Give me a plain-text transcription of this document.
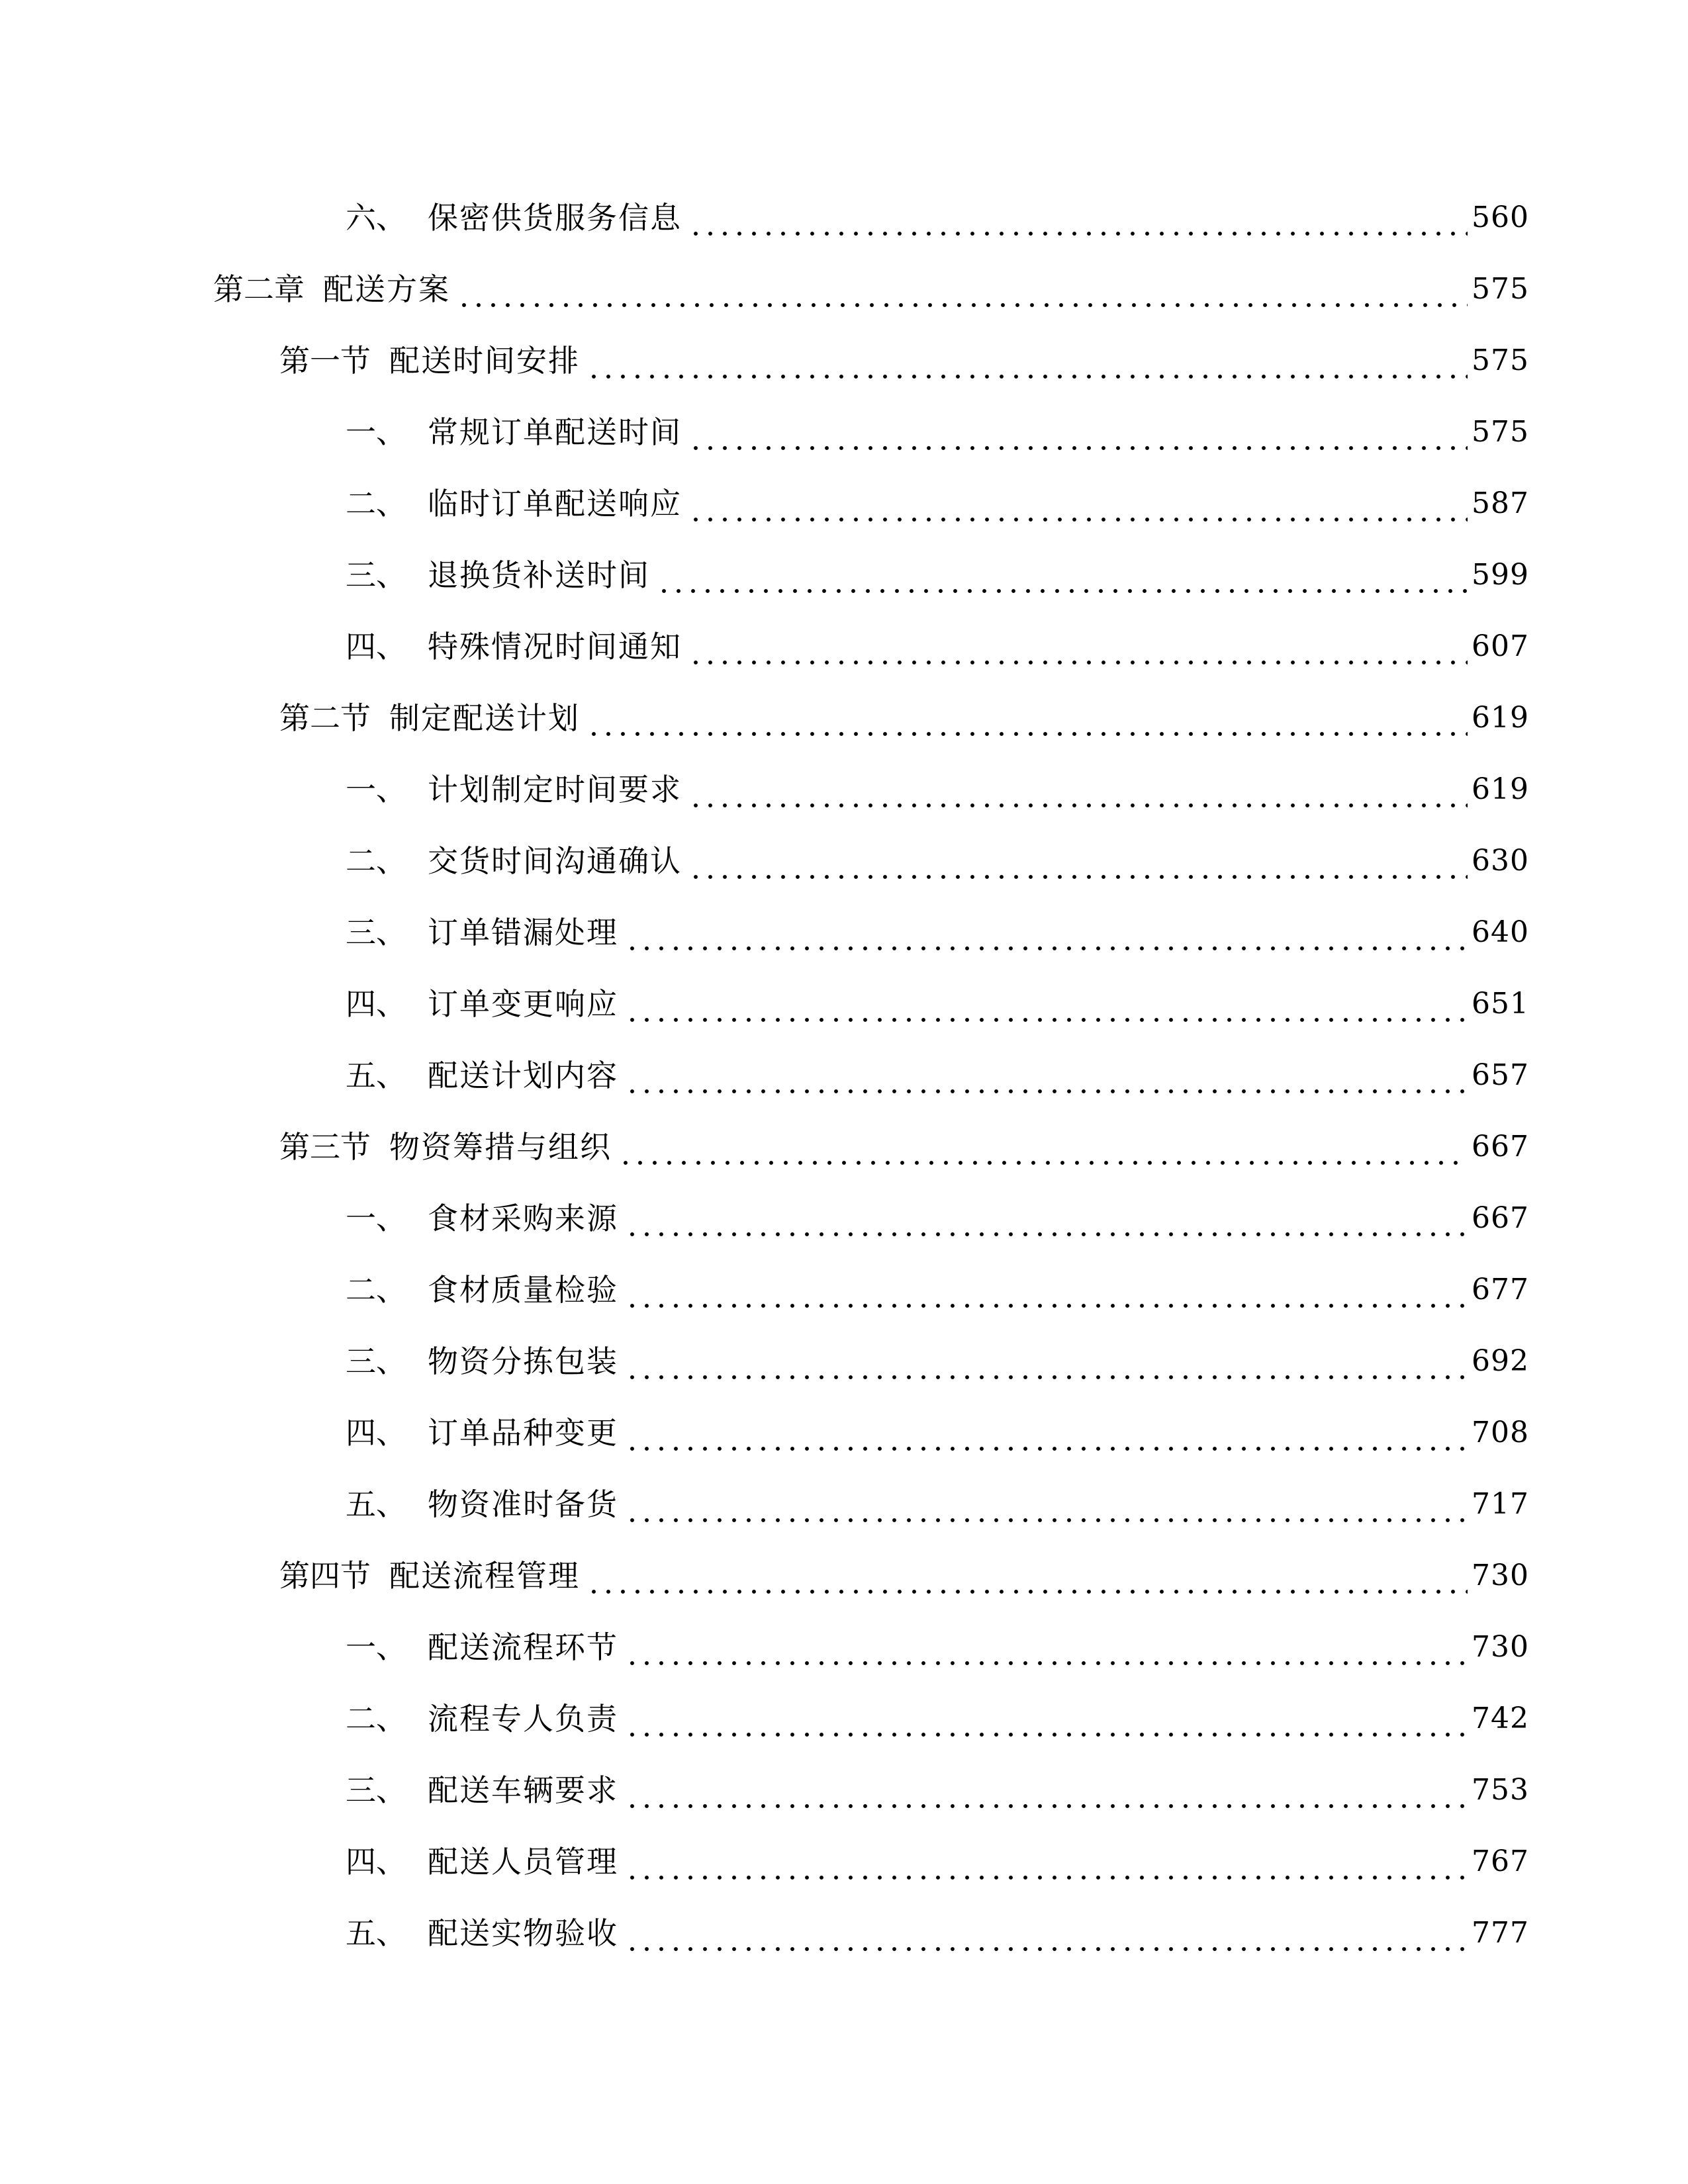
六、 保密供货服务信息	560
第二章 配送方案	575
第一节 配送时间安排	575
一、 常规订单配送时间	575
二、 临时订单配送响应	587
三、 退换货补送时间	599
四、 特殊情况时间通知	607
第二节 制定配送计划	619
一、 计划制定时间要求	619
二、 交货时间沟通确认	630
三、 订单错漏处理	640
四、 订单变更响应	651
五、 配送计划内容	657
第三节 物资筹措与组织	667
一、 食材采购来源	667
二、 食材质量检验	677
三、 物资分拣包装	692
四、 订单品种变更	708
五、 物资准时备货	717
第四节 配送流程管理	730
一、 配送流程环节	730
二、 流程专人负责	742
三、 配送车辆要求	753
四、 配送人员管理	767
五、 配送实物验收	777
